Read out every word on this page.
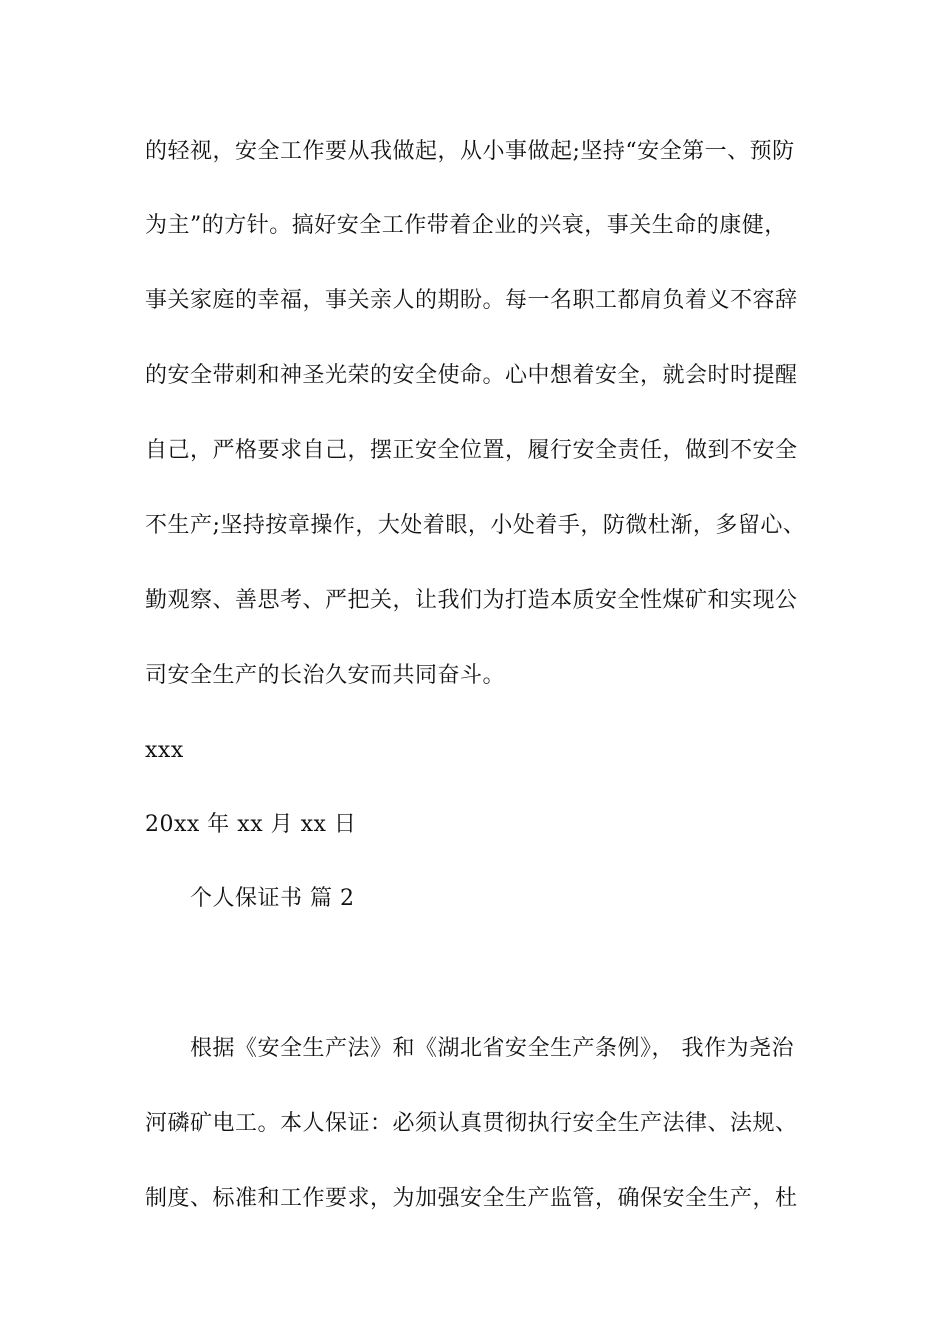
的轻视，安全工作要从我做起，从小事做起;坚持“安全第一、预防
为主”的方针。搞好安全工作带着企业的兴衰，事关生命的康健，
事关家庭的幸福，事关亲人的期盼。每一名职工都肩负着义不容辞
的安全带刺和神圣光荣的安全使命。心中想着安全，就会时时提醒
自己，严格要求自己，摆正安全位置，履行安全责任，做到不安全
不生产;坚持按章操作，大处着眼，小处着手，防微杜渐，多留心、
勤观察、善思考、严把关，让我们为打造本质安全性煤矿和实现公
司安全生产的长治久安而共同奋斗。
xxx
20xx 年 xx 月 xx 日
个人保证书 篇 2
根据《安全生产法》和《湖北省安全生产条例》， 我作为尧治
河磷矿电工。本人保证：必须认真贯彻执行安全生产法律、法规、
制度、标准和工作要求，为加强安全生产监管，确保安全生产，杜
